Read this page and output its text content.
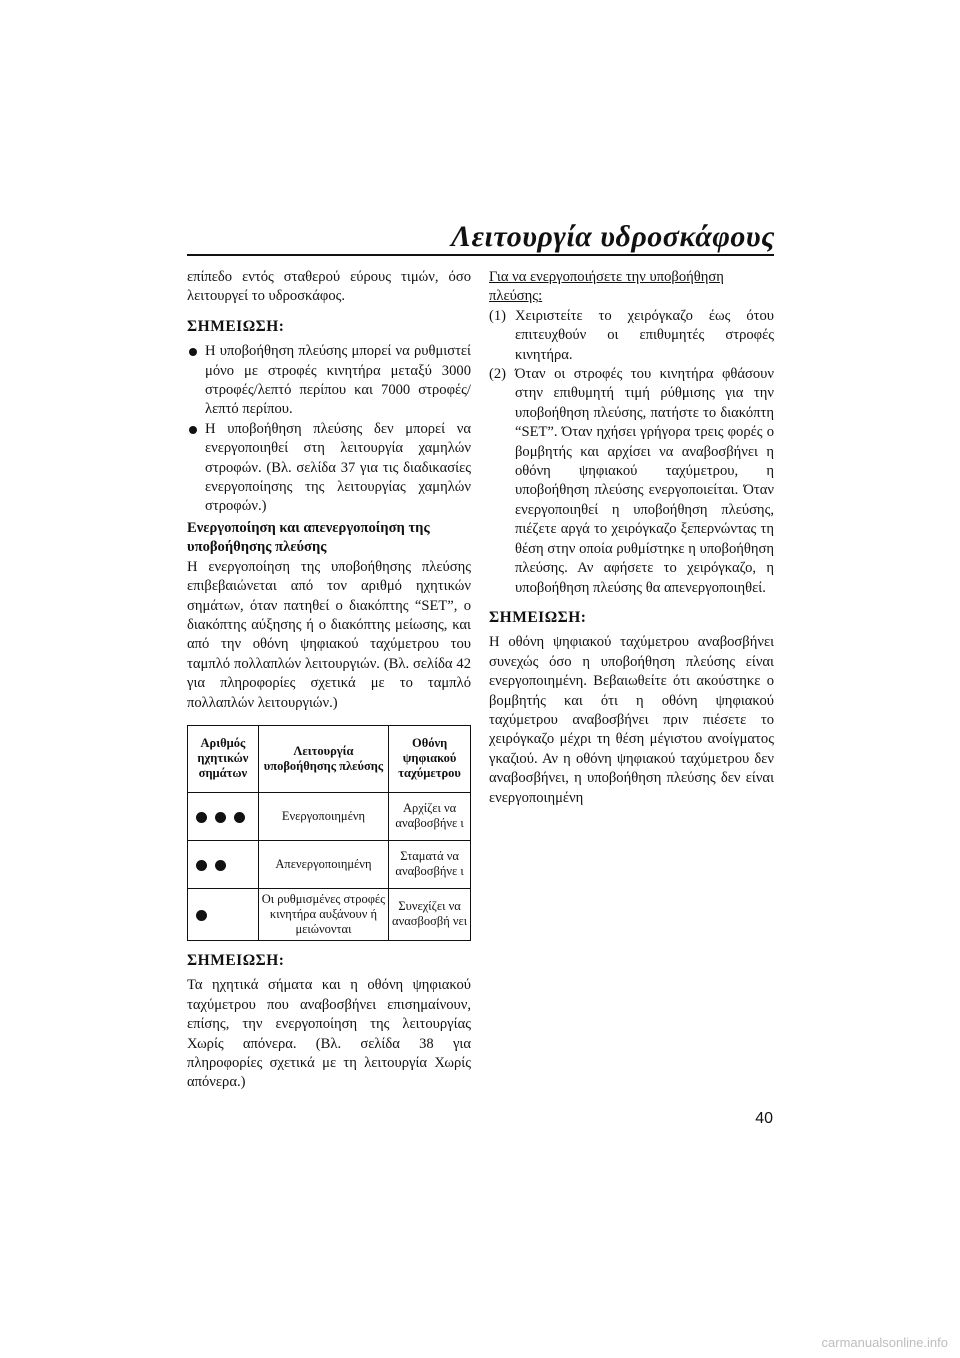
Λειτουργία υδροσκάφους

επίπεδο εντός σταθερού εύρους τιμών, όσο λειτουργεί το υδροσκάφος.

ΣΗΜΕΙΩΣΗ:

Η υποβοήθηση πλεύσης μπορεί να ρυθμιστεί μόνο με στροφές κινητήρα μεταξύ 3000 στροφές/λεπτό περίπου και 7000 στροφές/λεπτό περίπου.

Η υποβοήθηση πλεύσης δεν μπορεί να ενεργοποιηθεί στη λειτουργία χαμηλών στροφών. (Βλ. σελίδα 37 για τις διαδικασίες ενεργοποίησης της λειτουργίας χαμηλών στροφών.)

Ενεργοποίηση και απενεργοποίηση της υποβοήθησης πλεύσης

Η ενεργοποίηση της υποβοήθησης πλεύσης επιβεβαιώνεται από τον αριθμό ηχητικών σημάτων, όταν πατηθεί ο διακόπτης “SET”, ο διακόπτης αύξησης ή ο διακόπτης μείωσης, και από την οθόνη ψηφιακού ταχύμετρου του ταμπλό πολλαπλών λειτουργιών. (Βλ. σελίδα 42 για πληροφορίες σχετικά με το ταμπλό πολλαπλών λειτουργιών.)

Αριθμός ηχητικών σημάτων	Λειτουργία υποβοήθησης πλεύσης	Οθόνη ψηφιακού ταχύμετρου
	Ενεργοποιημένη	Αρχίζει να αναβοσβήνε ι
	Απενεργοποιημένη	Σταματά να αναβοσβήνε ι
	Οι ρυθμισμένες στροφές κινητήρα αυξάνουν ή μειώνονται	Συνεχίζει να ανασβοσβή νει
ΣΗΜΕΙΩΣΗ:

Τα ηχητικά σήματα και η οθόνη ψηφιακού ταχύμετρου που αναβοσβήνει επισημαίνουν, επίσης, την ενεργοποίηση της λειτουργίας Χωρίς απόνερα. (Βλ. σελίδα 38 για πληροφορίες σχετικά με τη λειτουργία Χωρίς απόνερα.)

Για να ενεργοποιήσετε την υποβοήθηση πλεύσης:

(1) Χειριστείτε το χειρόγκαζο έως ότου επιτευχθούν οι επιθυμητές στροφές κινητήρα.

(2) Όταν οι στροφές του κινητήρα φθάσουν στην επιθυμητή τιμή ρύθμισης για την υποβοήθηση πλεύσης, πατήστε το διακόπτη “SET”. Όταν ηχήσει γρήγορα τρεις φορές ο βομβητής και αρχίσει να αναβοσβήνει η οθόνη ψηφιακού ταχύμετρου, η υποβοήθηση πλεύσης ενεργοποιείται. Όταν ενεργοποιηθεί η υποβοήθηση πλεύσης, πιέζετε αργά το χειρόγκαζο ξεπερνώντας τη θέση στην οποία ρυθμίστηκε η υποβοήθηση πλεύσης. Αν αφήσετε το χειρόγκαζο, η υποβοήθηση πλεύσης θα απενεργοποιηθεί.

ΣΗΜΕΙΩΣΗ:

Η οθόνη ψηφιακού ταχύμετρου αναβοσβήνει συνεχώς όσο η υποβοήθηση πλεύσης είναι ενεργοποιημένη. Βεβαιωθείτε ότι ακούστηκε ο βομβητής και ότι η οθόνη ψηφιακού ταχύμετρου αναβοσβήνει πριν πιέσετε το χειρόγκαζο μέχρι τη θέση μέγιστου ανοίγματος γκαζιού. Αν η οθόνη ψηφιακού ταχύμετρου δεν αναβοσβήνει, η υποβοήθηση πλεύσης δεν είναι ενεργοποιημένη

40
carmanualsonline.info
